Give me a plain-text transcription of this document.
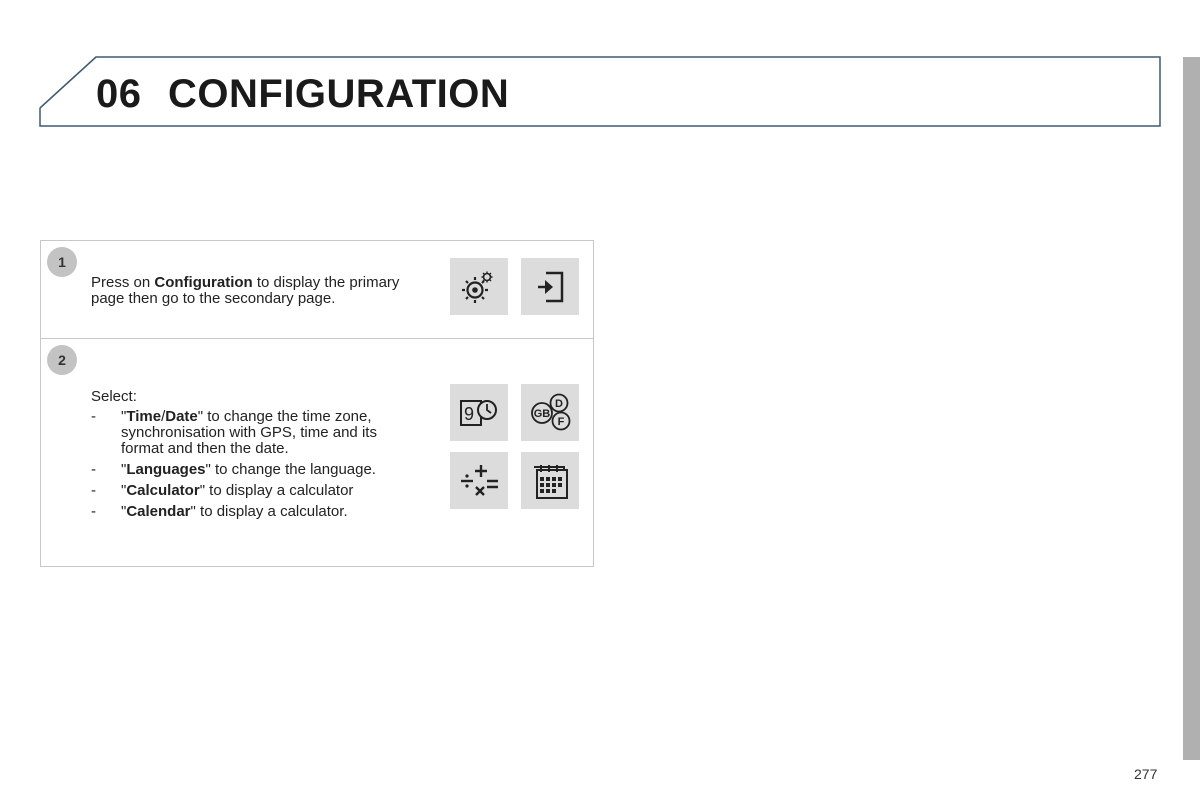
06 CONFIGURATION
1
Press on Configuration to display the primary page then go to the secondary page.
2
Select:
- "Time/Date" to change the time zone, synchronisation with GPS, time and its format and then the date.
- "Languages" to change the language.
- "Calculator" to display a calculator
- "Calendar" to display a calculator.
9	D
GB
F
277
